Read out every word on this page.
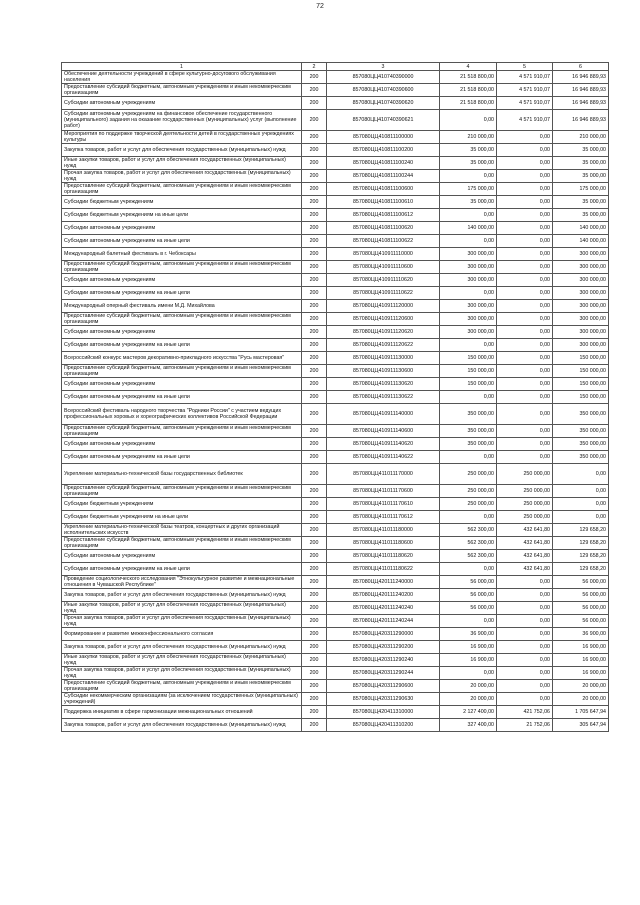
72
1	2	3	4	5	6
Обеспечение деятельности учреждений в сфере культурно-досугового обслуживания населения	200	857080ЦЦ410740390000	21 518 800,00	4 571 910,07	16 946 889,93
Предоставление субсидий бюджетным, автономным учреждениям и иным некоммерческим организациям	200	857080ЦЦ410740390600	21 518 800,00	4 571 910,07	16 946 889,93
Субсидии автономным учреждениям	200	857080ЦЦ410740390620	21 518 800,00	4 571 910,07	16 946 889,93
Субсидии автономным учреждениям на финансовое обеспечение государственного (муниципального) задания на оказание государственных (муниципальных) услуг (выполнение работ)	200	857080ЦЦ410740390621	0,00	4 571 910,07	16 946 889,93
Мероприятия по поддержке творческой деятельности детей в государственных учреждениях культуры	200	857080ЦЦ410811100000	210 000,00	0,00	210 000,00
Закупка товаров, работ и услуг для обеспечения государственных (муниципальных) нужд	200	857080ЦЦ410811100200	35 000,00	0,00	35 000,00
Иные закупки товаров, работ и услуг для обеспечения государственных (муниципальных) нужд	200	857080ЦЦ410811100240	35 000,00	0,00	35 000,00
Прочая закупка товаров, работ и услуг для обеспечения государственных (муниципальных) нужд	200	857080ЦЦ410811100244	0,00	0,00	35 000,00
Предоставление субсидий бюджетным, автономным учреждениям и иным некоммерческим организациям	200	857080ЦЦ410811100600	175 000,00	0,00	175 000,00
Субсидии бюджетным учреждениям	200	857080ЦЦ410811100610	35 000,00	0,00	35 000,00
Субсидии бюджетным учреждениям на иные цели	200	857080ЦЦ410811100612	0,00	0,00	35 000,00
Субсидии автономным учреждениям	200	857080ЦЦ410811100620	140 000,00	0,00	140 000,00
Субсидии автономным учреждениям на иные цели	200	857080ЦЦ410811100622	0,00	0,00	140 000,00
Международный балетный фестиваль в г. Чебоксары	200	857080ЦЦ410911110000	300 000,00	0,00	300 000,00
Предоставление субсидий бюджетным, автономным учреждениям и иным некоммерческим организациям	200	857080ЦЦ410911110600	300 000,00	0,00	300 000,00
Субсидии автономным учреждениям	200	857080ЦЦ410911110620	300 000,00	0,00	300 000,00
Субсидии автономным учреждениям на иные цели	200	857080ЦЦ410911110622	0,00	0,00	300 000,00
Международный оперный фестиваль имени М.Д. Михайлова	200	857080ЦЦ410911120000	300 000,00	0,00	300 000,00
Предоставление субсидий бюджетным, автономным учреждениям и иным некоммерческим организациям	200	857080ЦЦ410911120600	300 000,00	0,00	300 000,00
Субсидии автономным учреждениям	200	857080ЦЦ410911120620	300 000,00	0,00	300 000,00
Субсидии автономным учреждениям на иные цели	200	857080ЦЦ410911120622	0,00	0,00	300 000,00
Всероссийский конкурс мастеров декоративно-прикладного искусства "Русь мастеровая"	200	857080ЦЦ410911130000	150 000,00	0,00	150 000,00
Предоставление субсидий бюджетным, автономным учреждениям и иным некоммерческим организациям	200	857080ЦЦ410911130600	150 000,00	0,00	150 000,00
Субсидии автономным учреждениям	200	857080ЦЦ410911130620	150 000,00	0,00	150 000,00
Субсидии автономным учреждениям на иные цели	200	857080ЦЦ410911130622	0,00	0,00	150 000,00
Всероссийский фестиваль народного творчества "Родники России" с участием ведущих профессиональных хоровых и хореографических коллективов Российской Федерации	200	857080ЦЦ410911140000	350 000,00	0,00	350 000,00
Предоставление субсидий бюджетным, автономным учреждениям и иным некоммерческим организациям	200	857080ЦЦ410911140600	350 000,00	0,00	350 000,00
Субсидии автономным учреждениям	200	857080ЦЦ410911140620	350 000,00	0,00	350 000,00
Субсидии автономным учреждениям на иные цели	200	857080ЦЦ410911140622	0,00	0,00	350 000,00
Укрепление материально-технической базы государственных библиотек	200	857080ЦЦ411011170000	250 000,00	250 000,00	0,00
Предоставление субсидий бюджетным, автономным учреждениям и иным некоммерческим организациям	200	857080ЦЦ411011170600	250 000,00	250 000,00	0,00
Субсидии бюджетным учреждениям	200	857080ЦЦ411011170610	250 000,00	250 000,00	0,00
Субсидии бюджетным учреждениям на иные цели	200	857080ЦЦ411011170612	0,00	250 000,00	0,00
Укрепление материально-технической базы театров, концертных и других организаций исполнительских искусств	200	857080ЦЦ411011180000	562 300,00	432 641,80	129 658,20
Предоставление субсидий бюджетным, автономным учреждениям и иным некоммерческим организациям	200	857080ЦЦ411011180600	562 300,00	432 641,80	129 658,20
Субсидии автономным учреждениям	200	857080ЦЦ411011180620	562 300,00	432 641,80	129 658,20
Субсидии автономным учреждениям на иные цели	200	857080ЦЦ411011180622	0,00	432 641,80	129 658,20
Проведение социологического исследования "Этнокультурное развитие и межнациональные отношения в Чувашской Республике"	200	857080ЦЦ420111240000	56 000,00	0,00	56 000,00
Закупка товаров, работ и услуг для обеспечения государственных (муниципальных) нужд	200	857080ЦЦ420111240200	56 000,00	0,00	56 000,00
Иные закупки товаров, работ и услуг для обеспечения государственных (муниципальных) нужд	200	857080ЦЦ420111240240	56 000,00	0,00	56 000,00
Прочая закупка товаров, работ и услуг для обеспечения государственных (муниципальных) нужд	200	857080ЦЦ420111240244	0,00	0,00	56 000,00
Формирование и развитие межконфессионального согласия	200	857080ЦЦ420311290000	36 900,00	0,00	36 900,00
Закупка товаров, работ и услуг для обеспечения государственных (муниципальных) нужд	200	857080ЦЦ420311290200	16 900,00	0,00	16 900,00
Иные закупки товаров, работ и услуг для обеспечения государственных (муниципальных) нужд	200	857080ЦЦ420311290240	16 900,00	0,00	16 900,00
Прочая закупка товаров, работ и услуг для обеспечения государственных (муниципальных) нужд	200	857080ЦЦ420311290244	0,00	0,00	16 900,00
Предоставление субсидий бюджетным, автономным учреждениям и иным некоммерческим организациям	200	857080ЦЦ420311290600	20 000,00	0,00	20 000,00
Субсидии некоммерческим организациям (за исключением государственных (муниципальных) учреждений)	200	857080ЦЦ420311290630	20 000,00	0,00	20 000,00
Поддержка инициатив в сфере гармонизации межнациональных отношений	200	857080ЦЦ420411310000	2 127 400,00	421 752,06	1 705 647,94
Закупка товаров, работ и услуг для обеспечения государственных (муниципальных) нужд	200	857080ЦЦ420411310200	327 400,00	21 752,06	305 647,94
